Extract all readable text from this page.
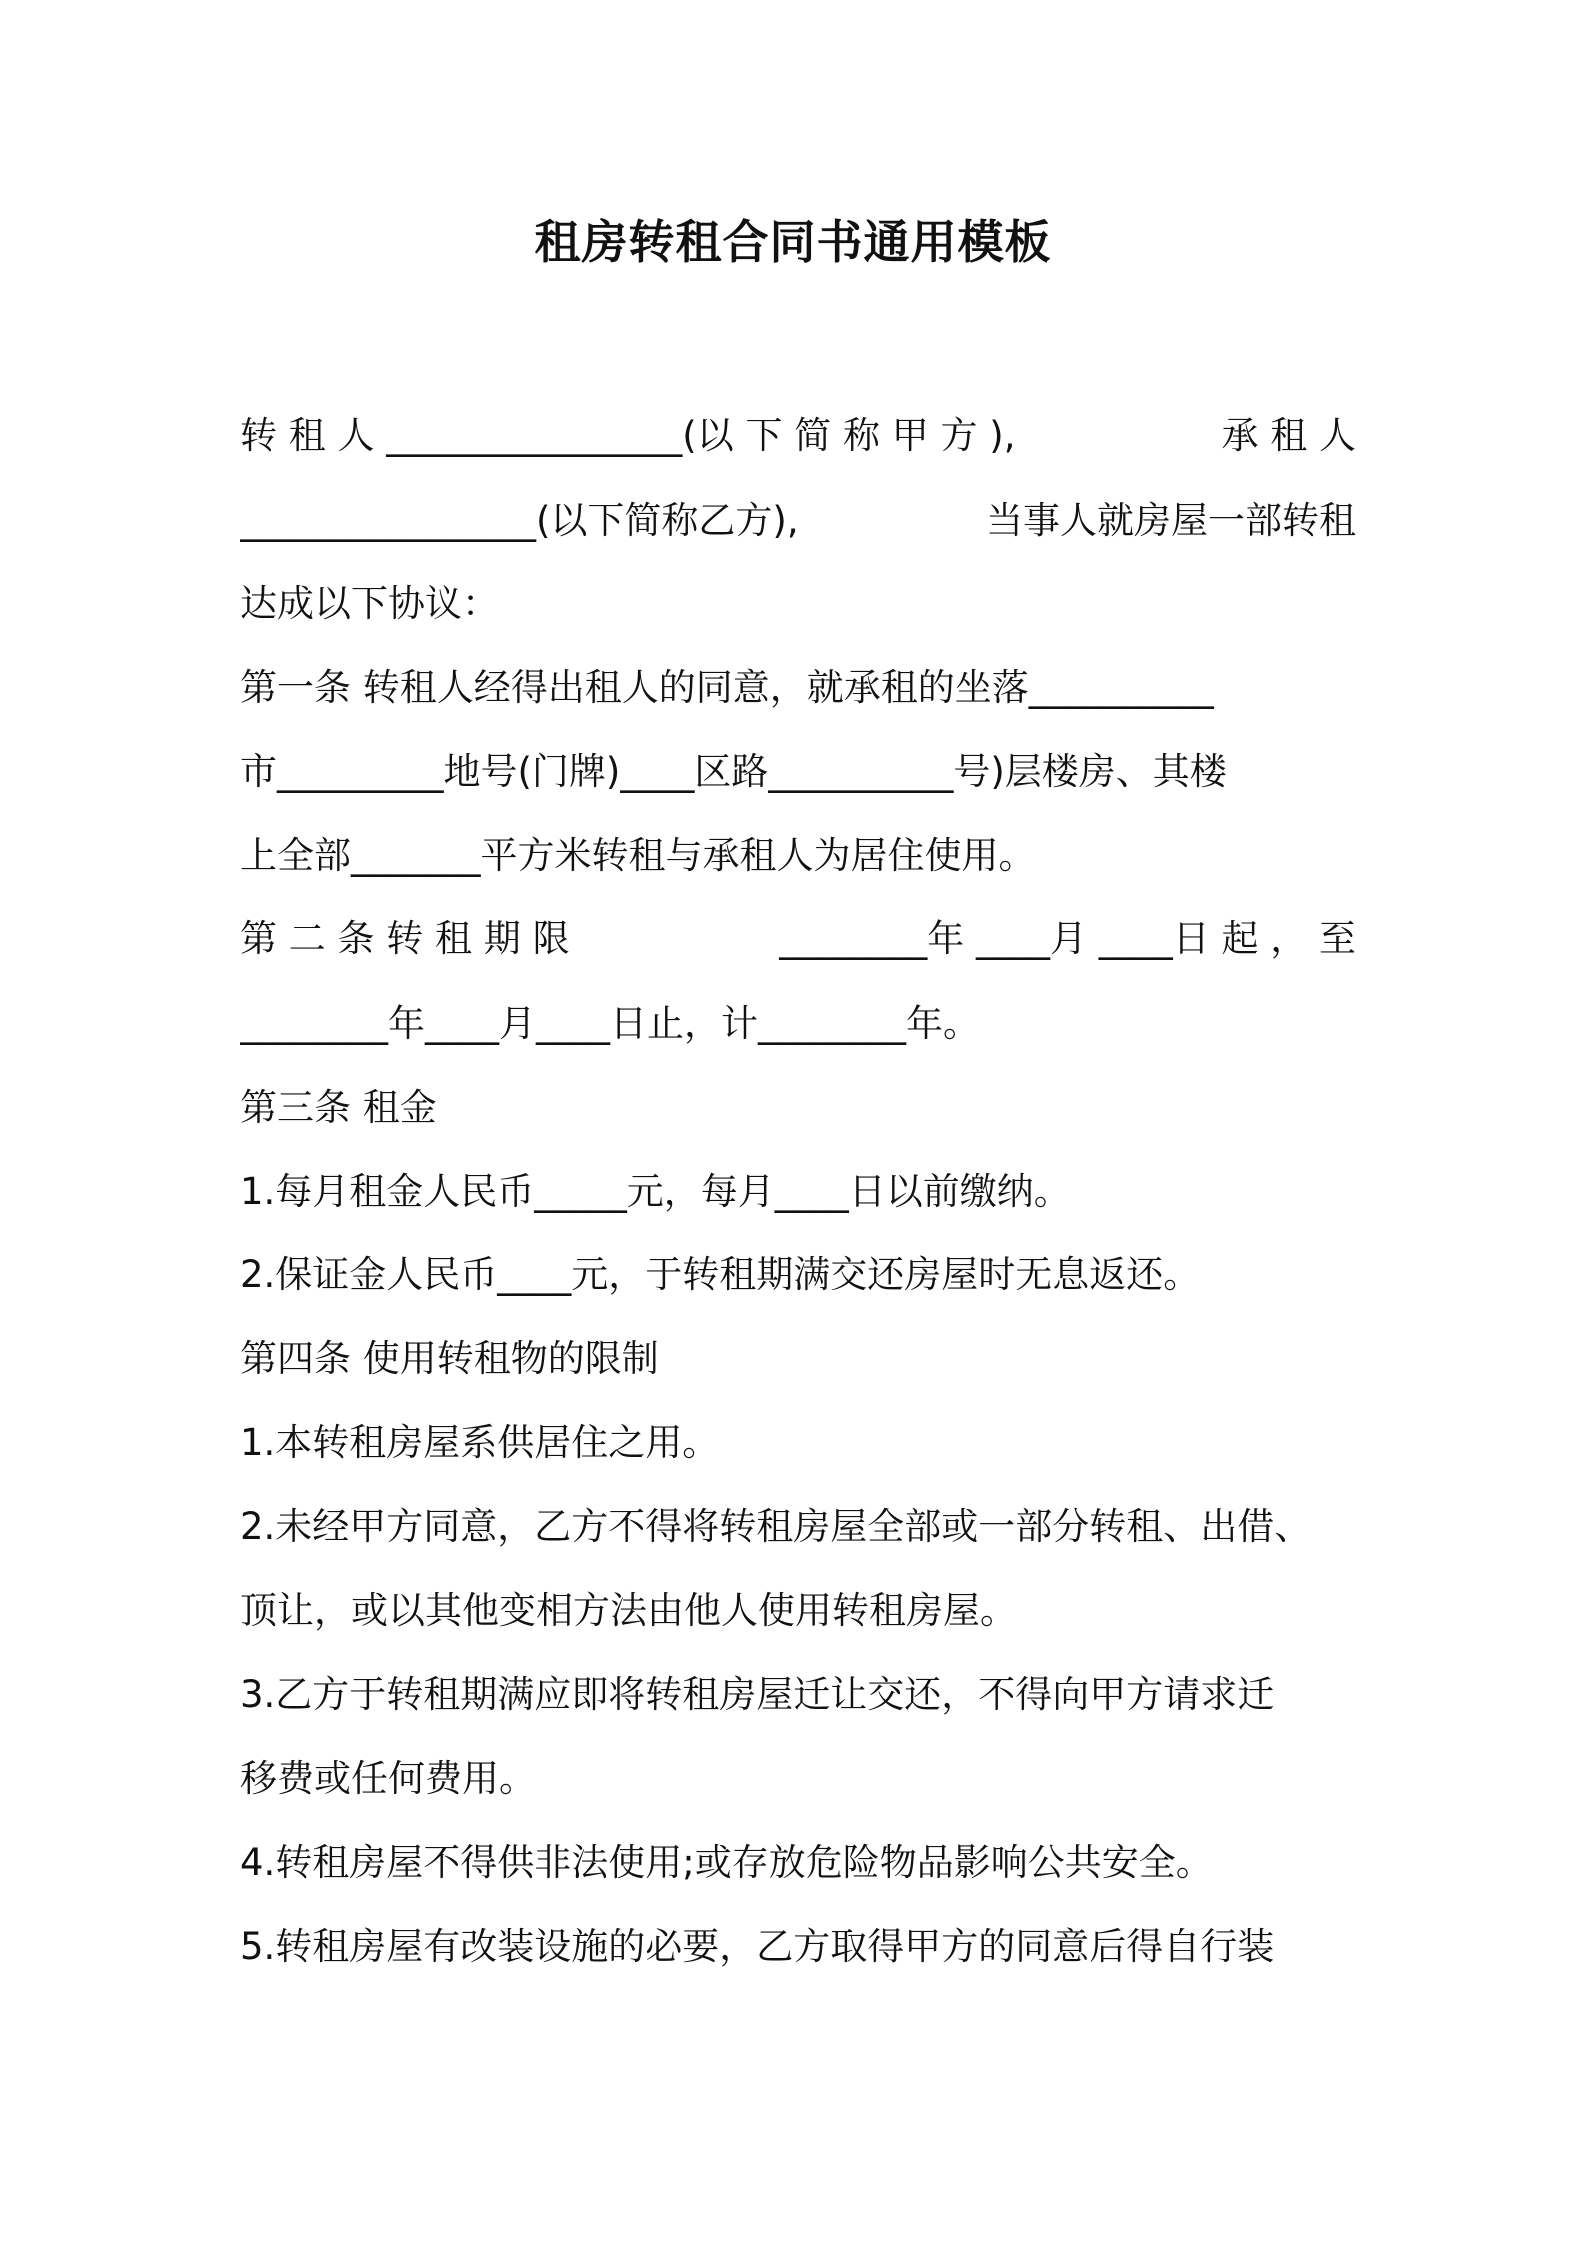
租房转租合同书通用模板
转 租 人 ________________(以 下 简 称 甲 方 ),	承 租 人
________________(以下简称乙方),	当事人就房屋一部转租
达成以下协议：
第一条 转租人经得出租人的同意，就承租的坐落__________
市_________地号(门牌)____区路__________号)层楼房、其楼
上全部_______平方米转租与承租人为居住使用。
第 二 条 转 租 期 限	________年 ____月 ____日 起 ， 至
________年____月____日止，计________年。
第三条 租金
1.每月租金人民币_____元，每月____日以前缴纳。
2.保证金人民币____元，于转租期满交还房屋时无息返还。
第四条 使用转租物的限制
1.本转租房屋系供居住之用。
2.未经甲方同意，乙方不得将转租房屋全部或一部分转租、出借、
顶让，或以其他变相方法由他人使用转租房屋。
3.乙方于转租期满应即将转租房屋迁让交还，不得向甲方请求迁
移费或任何费用。
4.转租房屋不得供非法使用;或存放危险物品影响公共安全。
5.转租房屋有改装设施的必要，乙方取得甲方的同意后得自行装
